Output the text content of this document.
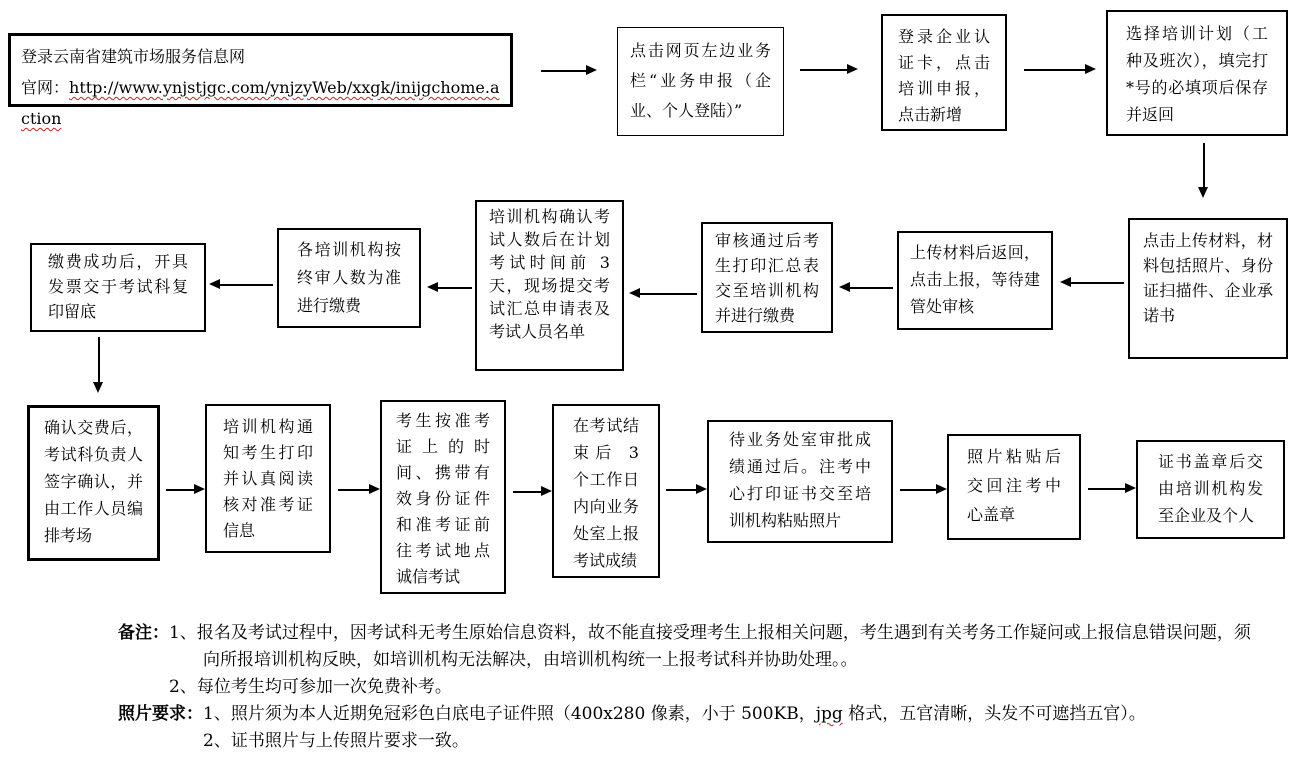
登录云南省建筑市场服务信息网
官网：http://www.ynjstjgc.com/ynjzyWeb/xxgk/inijgchome.action
点击网页左边业务栏“业务申报（企业、个人登陆）”
登录企业认证卡，点击培训申报，点击新增
选择培训计划（工种及班次），填完打*号的必填项后保存并返回
点击上传材料，材料包括照片、身份证扫描件、企业承诺书
上传材料后返回，点击上报，等待建管处审核
审核通过后考生打印汇总表交至培训机构并进行缴费
培训机构确认考试人数后在计划考试时间前 3 天，现场提交考试汇总申请表及考试人员名单
各培训机构按终审人数为准进行缴费
缴费成功后，开具发票交于考试科复印留底
确认交费后，考试科负责人签字确认，并由工作人员编排考场
培训机构通知考生打印并认真阅读核对准考证信息
考生按准考证上的时间、携带有效身份证件和准考证前往考试地点诚信考试
在考试结束后 3 个工作日内向业务处室上报考试成绩
待业务处室审批成绩通过后。注考中心打印证书交至培训机构粘贴照片
照片粘贴后交回注考中心盖章
证书盖章后交由培训机构发至企业及个人
备注： 1、报名及考试过程中，因考试科无考生原始信息资料，故不能直接受理考生上报相关问题，考生遇到有关考务工作疑问或上报信息错误问题，须向所报培训机构反映，如培训机构无法解决，由培训机构统一上报考试科并协助处理。。
2、每位考生均可参加一次免费补考。
照片要求： 1、照片须为本人近期免冠彩色白底电子证件照（400x280 像素，小于 500KB，jpg 格式，五官清晰，头发不可遮挡五官）。
2、证书照片与上传照片要求一致。
